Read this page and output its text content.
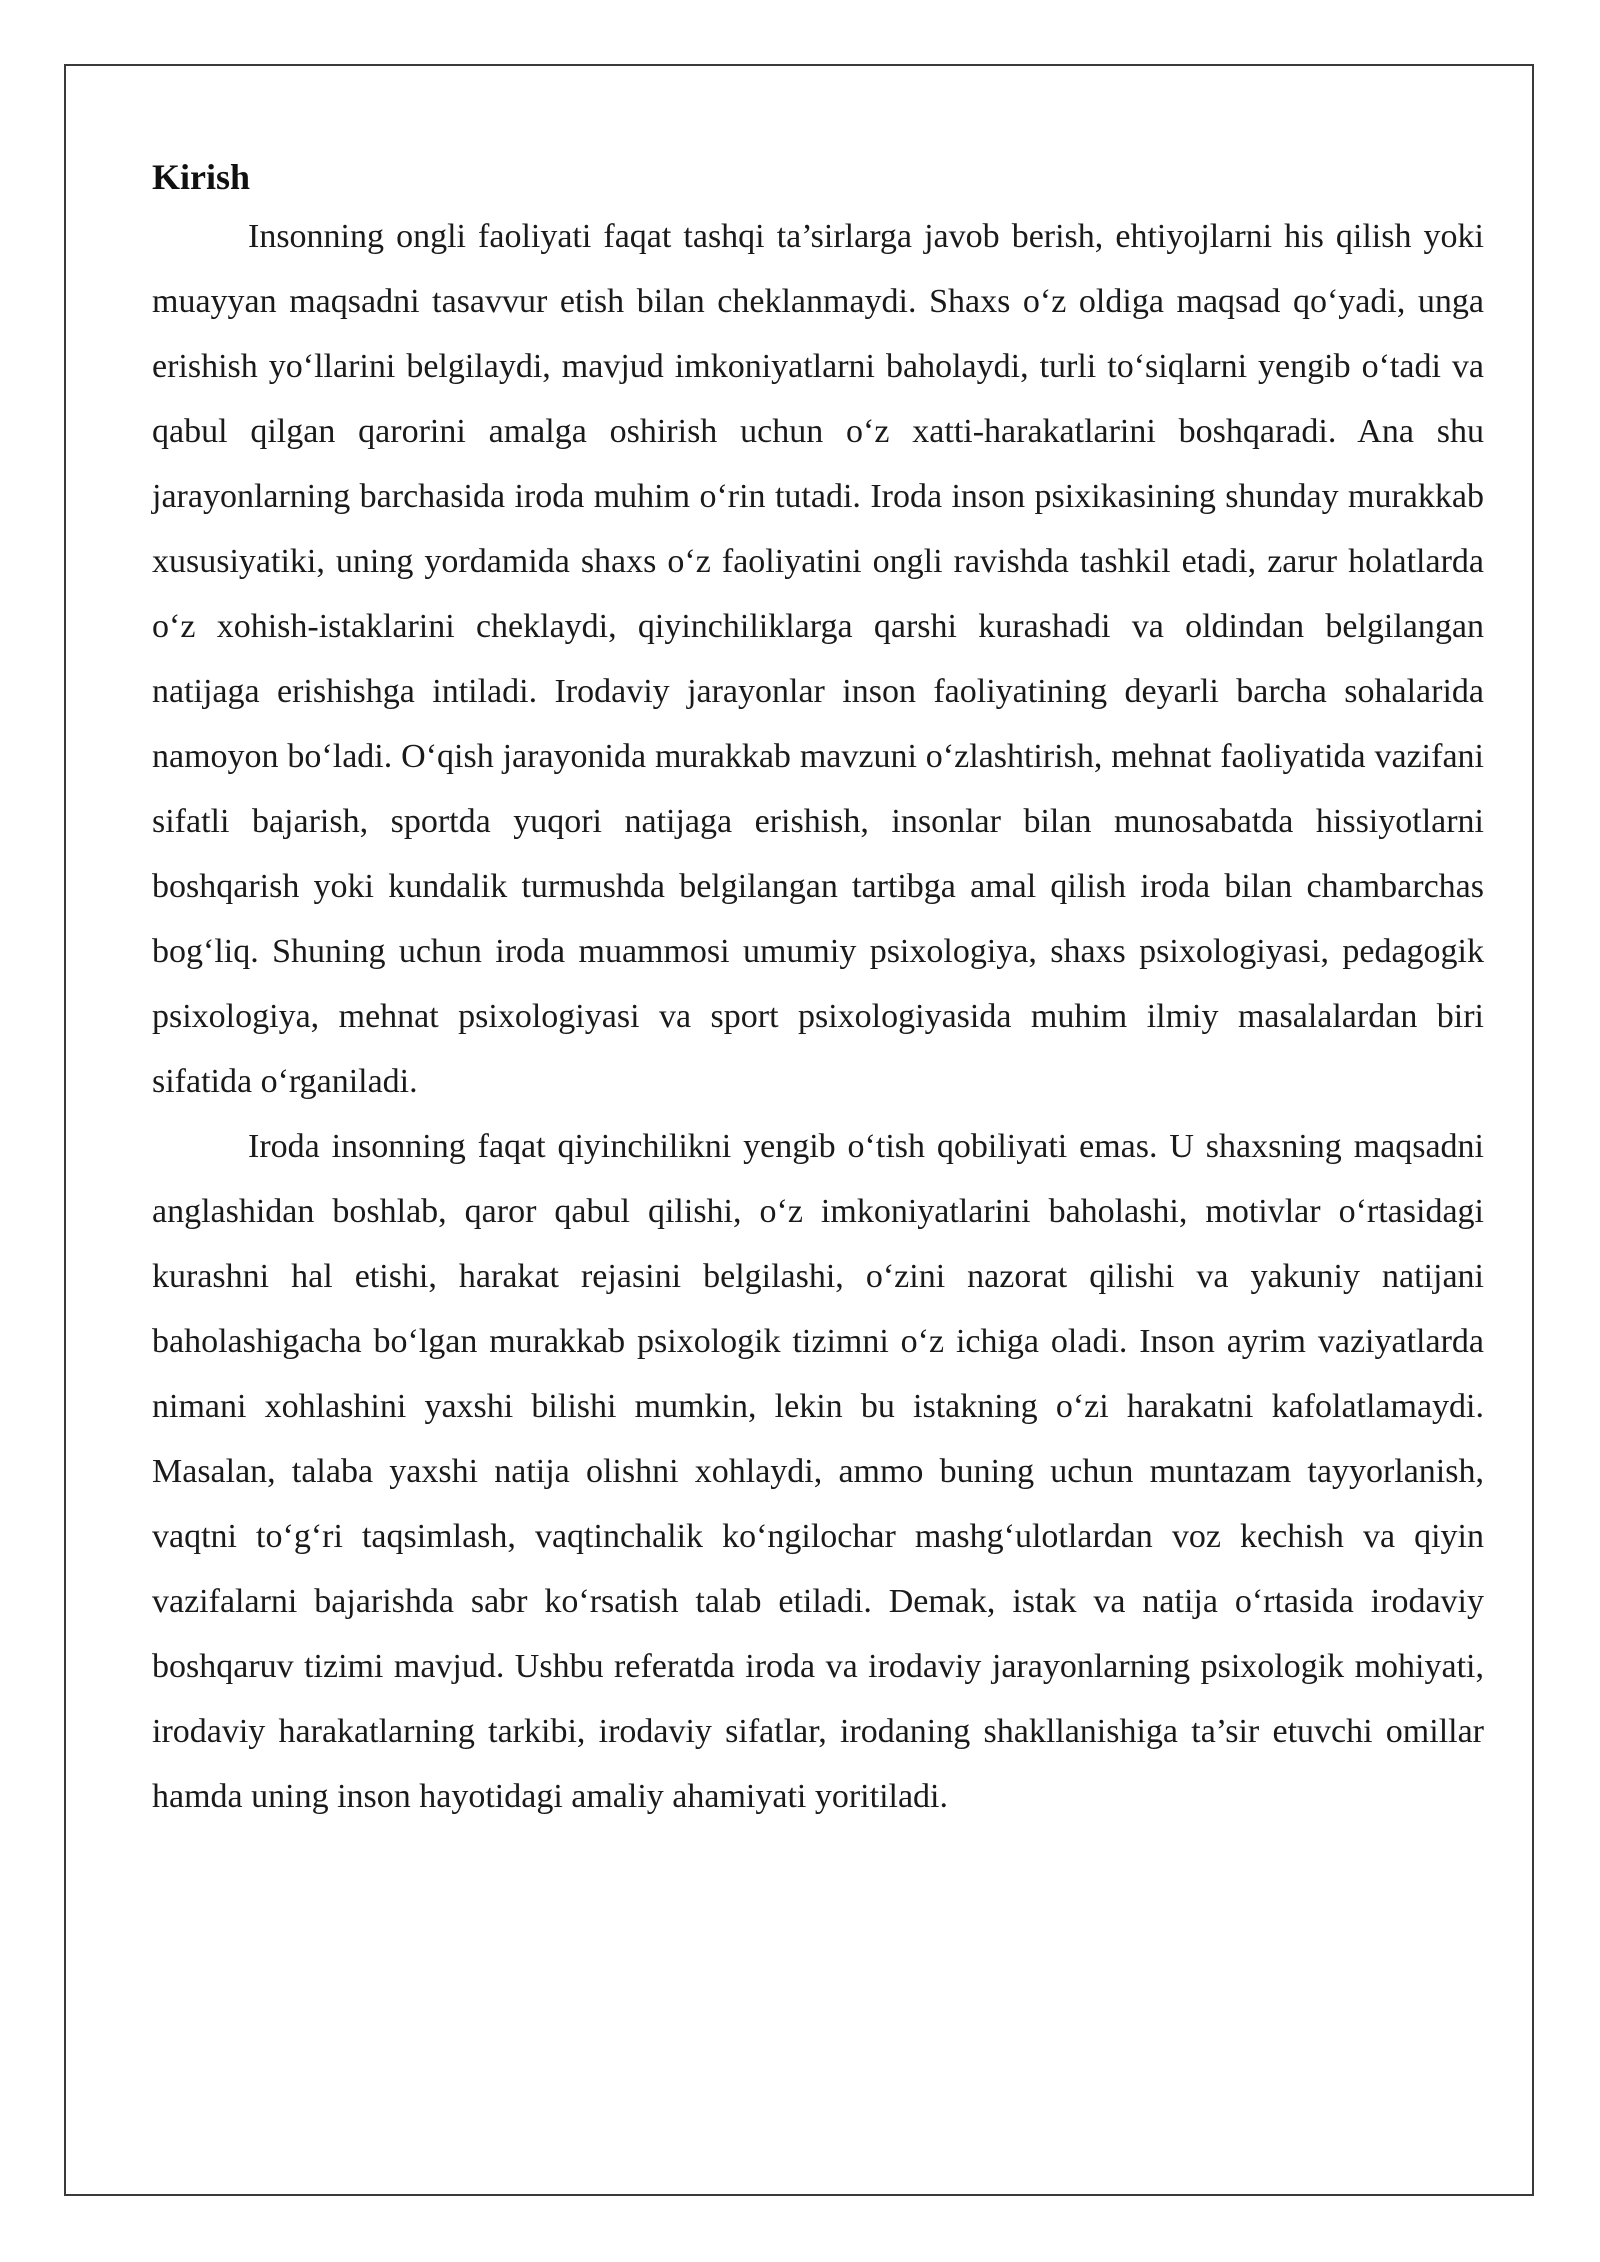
Kirish

Insonning ongli faoliyati faqat tashqi ta’sirlarga javob berish, ehtiyojlarni his qilish yoki muayyan maqsadni tasavvur etish bilan cheklanmaydi. Shaxs o‘z oldiga maqsad qo‘yadi, unga erishish yo‘llarini belgilaydi, mavjud imkoniyatlarni baholaydi, turli to‘siqlarni yengib o‘tadi va qabul qilgan qarorini amalga oshirish uchun o‘z xatti-harakatlarini boshqaradi. Ana shu jarayonlarning barchasida iroda muhim o‘rin tutadi. Iroda inson psixikasining shunday murakkab xususiyatiki, uning yordamida shaxs o‘z faoliyatini ongli ravishda tashkil etadi, zarur holatlarda o‘z xohish-istaklarini cheklaydi, qiyinchiliklarga qarshi kurashadi va oldindan belgilangan natijaga erishishga intiladi. Irodaviy jarayonlar inson faoliyatining deyarli barcha sohalarida namoyon bo‘ladi. O‘qish jarayonida murakkab mavzuni o‘zlashtirish, mehnat faoliyatida vazifani sifatli bajarish, sportda yuqori natijaga erishish, insonlar bilan munosabatda hissiyotlarni boshqarish yoki kundalik turmushda belgilangan tartibga amal qilish iroda bilan chambarchas bog‘liq. Shuning uchun iroda muammosi umumiy psixologiya, shaxs psixologiyasi, pedagogik psixologiya, mehnat psixologiyasi va sport psixologiyasida muhim ilmiy masalalardan biri sifatida o‘rganiladi.

Iroda insonning faqat qiyinchilikni yengib o‘tish qobiliyati emas. U shaxsning maqsadni anglashidan boshlab, qaror qabul qilishi, o‘z imkoniyatlarini baholashi, motivlar o‘rtasidagi kurashni hal etishi, harakat rejasini belgilashi, o‘zini nazorat qilishi va yakuniy natijani baholashigacha bo‘lgan murakkab psixologik tizimni o‘z ichiga oladi. Inson ayrim vaziyatlarda nimani xohlashini yaxshi bilishi mumkin, lekin bu istakning o‘zi harakatni kafolatlamaydi. Masalan, talaba yaxshi natija olishni xohlaydi, ammo buning uchun muntazam tayyorlanish, vaqtni to‘g‘ri taqsimlash, vaqtinchalik ko‘ngilochar mashg‘ulotlardan voz kechish va qiyin vazifalarni bajarishda sabr ko‘rsatish talab etiladi. Demak, istak va natija o‘rtasida irodaviy boshqaruv tizimi mavjud. Ushbu referatda iroda va irodaviy jarayonlarning psixologik mohiyati, irodaviy harakatlarning tarkibi, irodaviy sifatlar, irodaning shakllanishiga ta’sir etuvchi omillar hamda uning inson hayotidagi amaliy ahamiyati yoritiladi.
